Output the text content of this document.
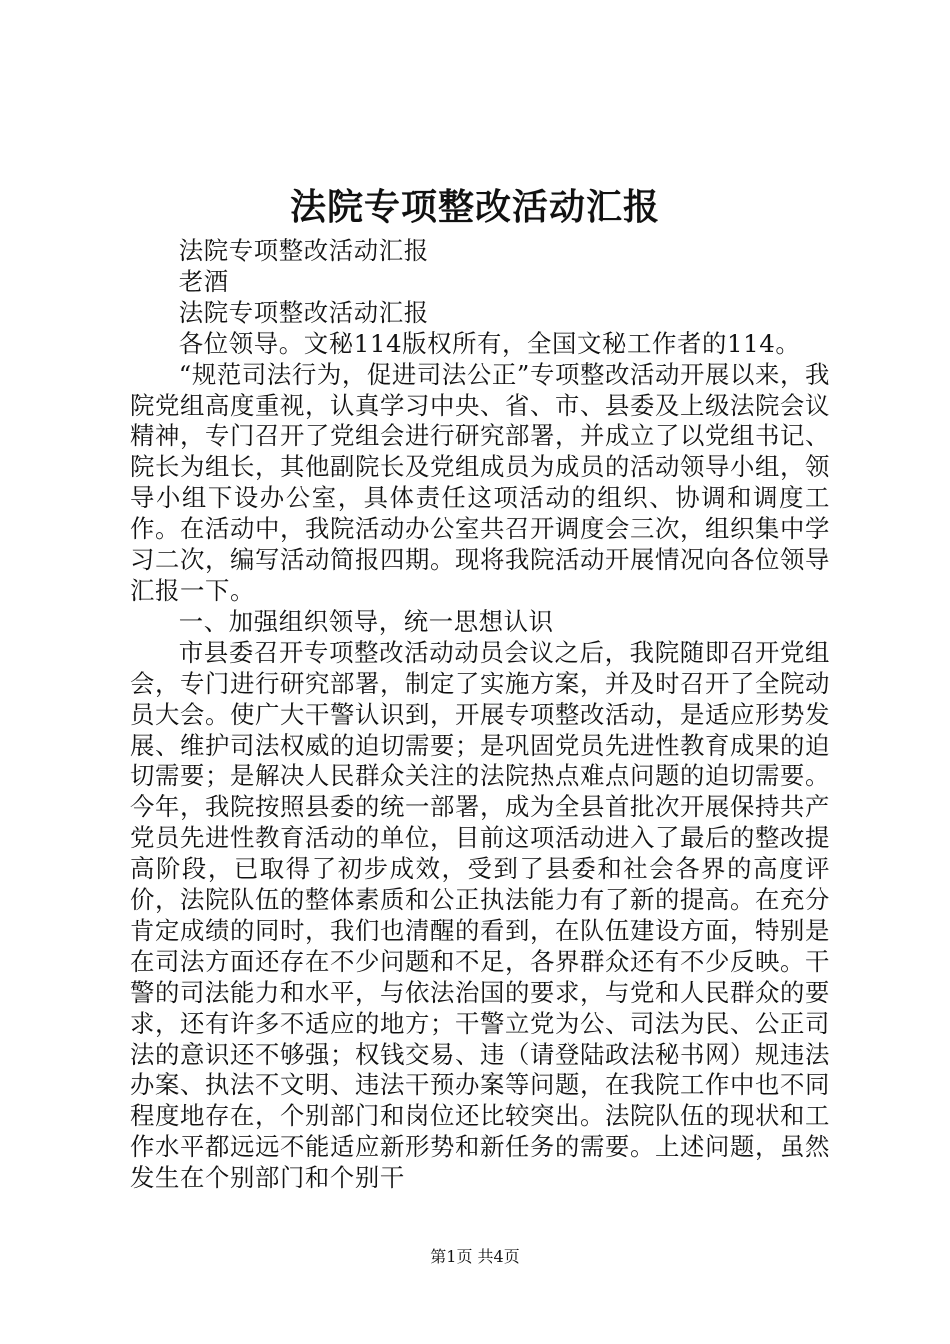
法院专项整改活动汇报

法院专项整改活动汇报

老酒

法院专项整改活动汇报

各位领导。文秘114版权所有，全国文秘工作者的114。

“规范司法行为，促进司法公正”专项整改活动开展以来，我院党组高度重视，认真学习中央、省、市、县委及上级法院会议精神，专门召开了党组会进行研究部署，并成立了以党组书记、院长为组长，其他副院长及党组成员为成员的活动领导小组，领导小组下设办公室，具体责任这项活动的组织、协调和调度工作。在活动中，我院活动办公室共召开调度会三次，组织集中学习二次，编写活动简报四期。现将我院活动开展情况向各位领导汇报一下。

一、加强组织领导，统一思想认识

市县委召开专项整改活动动员会议之后，我院随即召开党组会，专门进行研究部署，制定了实施方案，并及时召开了全院动员大会。使广大干警认识到，开展专项整改活动，是适应形势发展、维护司法权威的迫切需要；是巩固党员先进性教育成果的迫切需要；是解决人民群众关注的法院热点难点问题的迫切需要。今年，我院按照县委的统一部署，成为全县首批次开展保持共产党员先进性教育活动的单位，目前这项活动进入了最后的整改提高阶段，已取得了初步成效，受到了县委和社会各界的高度评价，法院队伍的整体素质和公正执法能力有了新的提高。在充分肯定成绩的同时，我们也清醒的看到，在队伍建设方面，特别是在司法方面还存在不少问题和不足，各界群众还有不少反映。干警的司法能力和水平，与依法治国的要求，与党和人民群众的要求，还有许多不适应的地方；干警立党为公、司法为民、公正司法的意识还不够强；权钱交易、违（请登陆政法秘书网）规违法办案、执法不文明、违法干预办案等问题，在我院工作中也不同程度地存在，个别部门和岗位还比较突出。法院队伍的现状和工作水平都远远不能适应新形势和新任务的需要。上述问题，虽然发生在个别部门和个别干

第1页 共4页
